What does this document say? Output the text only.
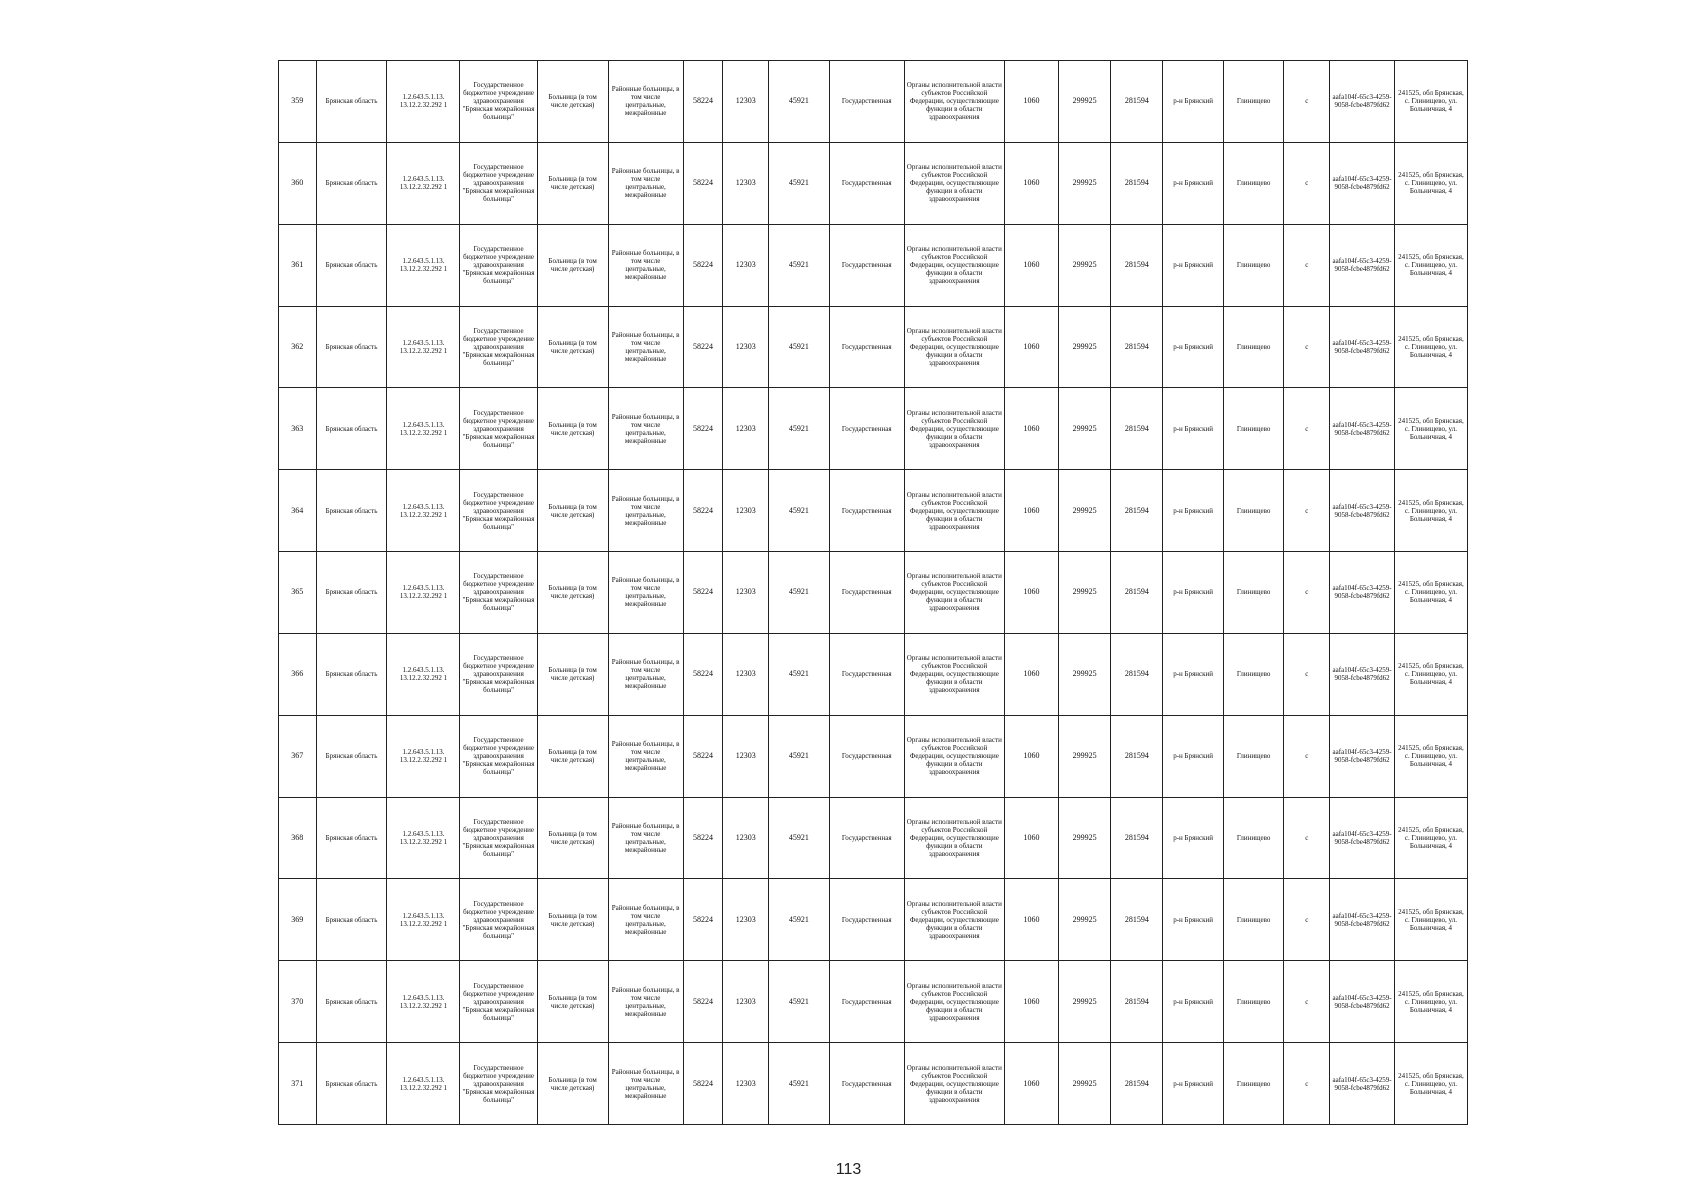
359	Брянская область	1.2.643.5.1.13. 13.12.2.32.292 1	Государственное бюджетное учреждение здравоохранения "Брянская межрайонная больница"	Больница (в том числе детская)	Районные больницы, в том числе центральные, межрайонные	58224	12303	45921	Государственная	Органы исполнительной власти субъектов Российской Федерации, осуществляющие функции в области здравоохранения	1060	299925	281594	р-н Брянский	Глинищево	с	aafa104f-65c3-4259-9058-fcbe4879fd62	241525, обл Брянская, с. Глинищево, ул. Больничная, 4
360	Брянская область	1.2.643.5.1.13. 13.12.2.32.292 1	Государственное бюджетное учреждение здравоохранения "Брянская межрайонная больница"	Больница (в том числе детская)	Районные больницы, в том числе центральные, межрайонные	58224	12303	45921	Государственная	Органы исполнительной власти субъектов Российской Федерации, осуществляющие функции в области здравоохранения	1060	299925	281594	р-н Брянский	Глинищево	с	aafa104f-65c3-4259-9058-fcbe4879fd62	241525, обл Брянская, с. Глинищево, ул. Больничная, 4
361	Брянская область	1.2.643.5.1.13. 13.12.2.32.292 1	Государственное бюджетное учреждение здравоохранения "Брянская межрайонная больница"	Больница (в том числе детская)	Районные больницы, в том числе центральные, межрайонные	58224	12303	45921	Государственная	Органы исполнительной власти субъектов Российской Федерации, осуществляющие функции в области здравоохранения	1060	299925	281594	р-н Брянский	Глинищево	с	aafa104f-65c3-4259-9058-fcbe4879fd62	241525, обл Брянская, с. Глинищево, ул. Больничная, 4
362	Брянская область	1.2.643.5.1.13. 13.12.2.32.292 1	Государственное бюджетное учреждение здравоохранения "Брянская межрайонная больница"	Больница (в том числе детская)	Районные больницы, в том числе центральные, межрайонные	58224	12303	45921	Государственная	Органы исполнительной власти субъектов Российской Федерации, осуществляющие функции в области здравоохранения	1060	299925	281594	р-н Брянский	Глинищево	с	aafa104f-65c3-4259-9058-fcbe4879fd62	241525, обл Брянская, с. Глинищево, ул. Больничная, 4
363	Брянская область	1.2.643.5.1.13. 13.12.2.32.292 1	Государственное бюджетное учреждение здравоохранения "Брянская межрайонная больница"	Больница (в том числе детская)	Районные больницы, в том числе центральные, межрайонные	58224	12303	45921	Государственная	Органы исполнительной власти субъектов Российской Федерации, осуществляющие функции в области здравоохранения	1060	299925	281594	р-н Брянский	Глинищево	с	aafa104f-65c3-4259-9058-fcbe4879fd62	241525, обл Брянская, с. Глинищево, ул. Больничная, 4
364	Брянская область	1.2.643.5.1.13. 13.12.2.32.292 1	Государственное бюджетное учреждение здравоохранения "Брянская межрайонная больница"	Больница (в том числе детская)	Районные больницы, в том числе центральные, межрайонные	58224	12303	45921	Государственная	Органы исполнительной власти субъектов Российской Федерации, осуществляющие функции в области здравоохранения	1060	299925	281594	р-н Брянский	Глинищево	с	aafa104f-65c3-4259-9058-fcbe4879fd62	241525, обл Брянская, с. Глинищево, ул. Больничная, 4
365	Брянская область	1.2.643.5.1.13. 13.12.2.32.292 1	Государственное бюджетное учреждение здравоохранения "Брянская межрайонная больница"	Больница (в том числе детская)	Районные больницы, в том числе центральные, межрайонные	58224	12303	45921	Государственная	Органы исполнительной власти субъектов Российской Федерации, осуществляющие функции в области здравоохранения	1060	299925	281594	р-н Брянский	Глинищево	с	aafa104f-65c3-4259-9058-fcbe4879fd62	241525, обл Брянская, с. Глинищево, ул. Больничная, 4
366	Брянская область	1.2.643.5.1.13. 13.12.2.32.292 1	Государственное бюджетное учреждение здравоохранения "Брянская межрайонная больница"	Больница (в том числе детская)	Районные больницы, в том числе центральные, межрайонные	58224	12303	45921	Государственная	Органы исполнительной власти субъектов Российской Федерации, осуществляющие функции в области здравоохранения	1060	299925	281594	р-н Брянский	Глинищево	с	aafa104f-65c3-4259-9058-fcbe4879fd62	241525, обл Брянская, с. Глинищево, ул. Больничная, 4
367	Брянская область	1.2.643.5.1.13. 13.12.2.32.292 1	Государственное бюджетное учреждение здравоохранения "Брянская межрайонная больница"	Больница (в том числе детская)	Районные больницы, в том числе центральные, межрайонные	58224	12303	45921	Государственная	Органы исполнительной власти субъектов Российской Федерации, осуществляющие функции в области здравоохранения	1060	299925	281594	р-н Брянский	Глинищево	с	aafa104f-65c3-4259-9058-fcbe4879fd62	241525, обл Брянская, с. Глинищево, ул. Больничная, 4
368	Брянская область	1.2.643.5.1.13. 13.12.2.32.292 1	Государственное бюджетное учреждение здравоохранения "Брянская межрайонная больница"	Больница (в том числе детская)	Районные больницы, в том числе центральные, межрайонные	58224	12303	45921	Государственная	Органы исполнительной власти субъектов Российской Федерации, осуществляющие функции в области здравоохранения	1060	299925	281594	р-н Брянский	Глинищево	с	aafa104f-65c3-4259-9058-fcbe4879fd62	241525, обл Брянская, с. Глинищево, ул. Больничная, 4
369	Брянская область	1.2.643.5.1.13. 13.12.2.32.292 1	Государственное бюджетное учреждение здравоохранения "Брянская межрайонная больница"	Больница (в том числе детская)	Районные больницы, в том числе центральные, межрайонные	58224	12303	45921	Государственная	Органы исполнительной власти субъектов Российской Федерации, осуществляющие функции в области здравоохранения	1060	299925	281594	р-н Брянский	Глинищево	с	aafa104f-65c3-4259-9058-fcbe4879fd62	241525, обл Брянская, с. Глинищево, ул. Больничная, 4
370	Брянская область	1.2.643.5.1.13. 13.12.2.32.292 1	Государственное бюджетное учреждение здравоохранения "Брянская межрайонная больница"	Больница (в том числе детская)	Районные больницы, в том числе центральные, межрайонные	58224	12303	45921	Государственная	Органы исполнительной власти субъектов Российской Федерации, осуществляющие функции в области здравоохранения	1060	299925	281594	р-н Брянский	Глинищево	с	aafa104f-65c3-4259-9058-fcbe4879fd62	241525, обл Брянская, с. Глинищево, ул. Больничная, 4
371	Брянская область	1.2.643.5.1.13. 13.12.2.32.292 1	Государственное бюджетное учреждение здравоохранения "Брянская межрайонная больница"	Больница (в том числе детская)	Районные больницы, в том числе центральные, межрайонные	58224	12303	45921	Государственная	Органы исполнительной власти субъектов Российской Федерации, осуществляющие функции в области здравоохранения	1060	299925	281594	р-н Брянский	Глинищево	с	aafa104f-65c3-4259-9058-fcbe4879fd62	241525, обл Брянская, с. Глинищево, ул. Больничная, 4
113
